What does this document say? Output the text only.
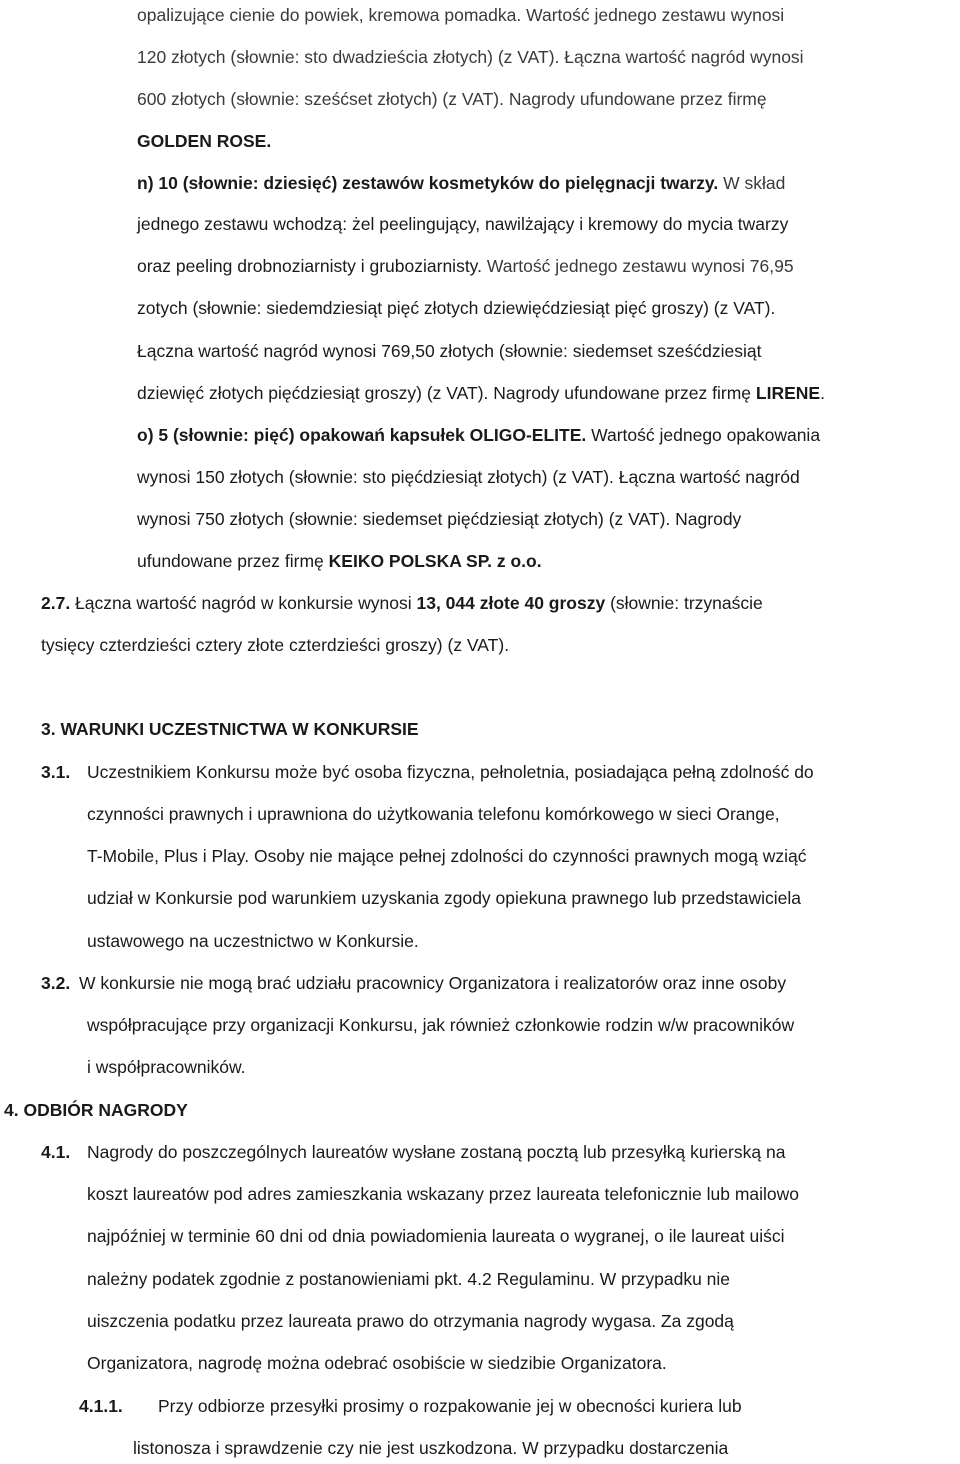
opalizujące cienie do powiek, kremowa pomadka. Wartość jednego zestawu wynosi
120 złotych (słownie: sto dwadzieścia złotych) (z VAT). Łączna wartość nagród wynosi
600 złotych (słownie: sześćset złotych) (z VAT). Nagrody ufundowane przez firmę
GOLDEN ROSE.
n) 10 (słownie: dziesięć) zestawów kosmetyków do pielęgnacji twarzy. W skład
jednego zestawu wchodzą: żel peelingujący, nawilżający i kremowy do mycia twarzy
oraz peeling drobnoziarnisty i gruboziarnisty. Wartość jednego zestawu wynosi 76,95
zotych (słownie: siedemdziesiąt pięć złotych dziewięćdziesiąt pięć groszy) (z VAT).
Łączna wartość nagród wynosi 769,50 złotych (słownie: siedemset sześćdziesiąt
dziewięć złotych pięćdziesiąt groszy) (z VAT). Nagrody ufundowane przez firmę LIRENE.
o) 5 (słownie: pięć) opakowań kapsułek OLIGO-ELITE. Wartość jednego opakowania
wynosi 150 złotych (słownie: sto pięćdziesiąt złotych) (z VAT). Łączna wartość nagród
wynosi 750 złotych (słownie: siedemset pięćdziesiąt złotych) (z VAT). Nagrody
ufundowane przez firmę KEIKO POLSKA SP. z o.o.
2.7. Łączna wartość nagród w konkursie wynosi 13, 044 złote 40 groszy (słownie: trzynaście
tysięcy czterdzieści cztery złote czterdzieści groszy) (z VAT).
3. WARUNKI UCZESTNICTWA W KONKURSIE
3.1. Uczestnikiem Konkursu może być osoba fizyczna, pełnoletnia, posiadająca pełną zdolność do
czynności prawnych i uprawniona do użytkowania telefonu komórkowego w sieci Orange,
T-Mobile, Plus i Play. Osoby nie mające pełnej zdolności do czynności prawnych mogą wziąć
udział w Konkursie pod warunkiem uzyskania zgody opiekuna prawnego lub przedstawiciela
ustawowego na uczestnictwo w Konkursie.
3.2. W konkursie nie mogą brać udziału pracownicy Organizatora i realizatorów oraz inne osoby
współpracujące przy organizacji Konkursu, jak również członkowie rodzin w/w pracowników
i współpracowników.
4. ODBIÓR NAGRODY
4.1. Nagrody do poszczególnych laureatów wysłane zostaną pocztą lub przesyłką kurierską na
koszt laureatów pod adres zamieszkania wskazany przez laureata telefonicznie lub mailowo
najpóźniej w terminie 60 dni od dnia powiadomienia laureata o wygranej, o ile laureat uiści
należny podatek zgodnie z postanowieniami pkt. 4.2 Regulaminu. W przypadku nie
uiszczenia podatku przez laureata prawo do otrzymania nagrody wygasa. Za zgodą
Organizatora, nagrodę można odebrać osobiście w siedzibie Organizatora.
4.1.1. Przy odbiorze przesyłki prosimy o rozpakowanie jej w obecności kuriera lub
listonosza i sprawdzenie czy nie jest uszkodzona. W przypadku dostarczenia
